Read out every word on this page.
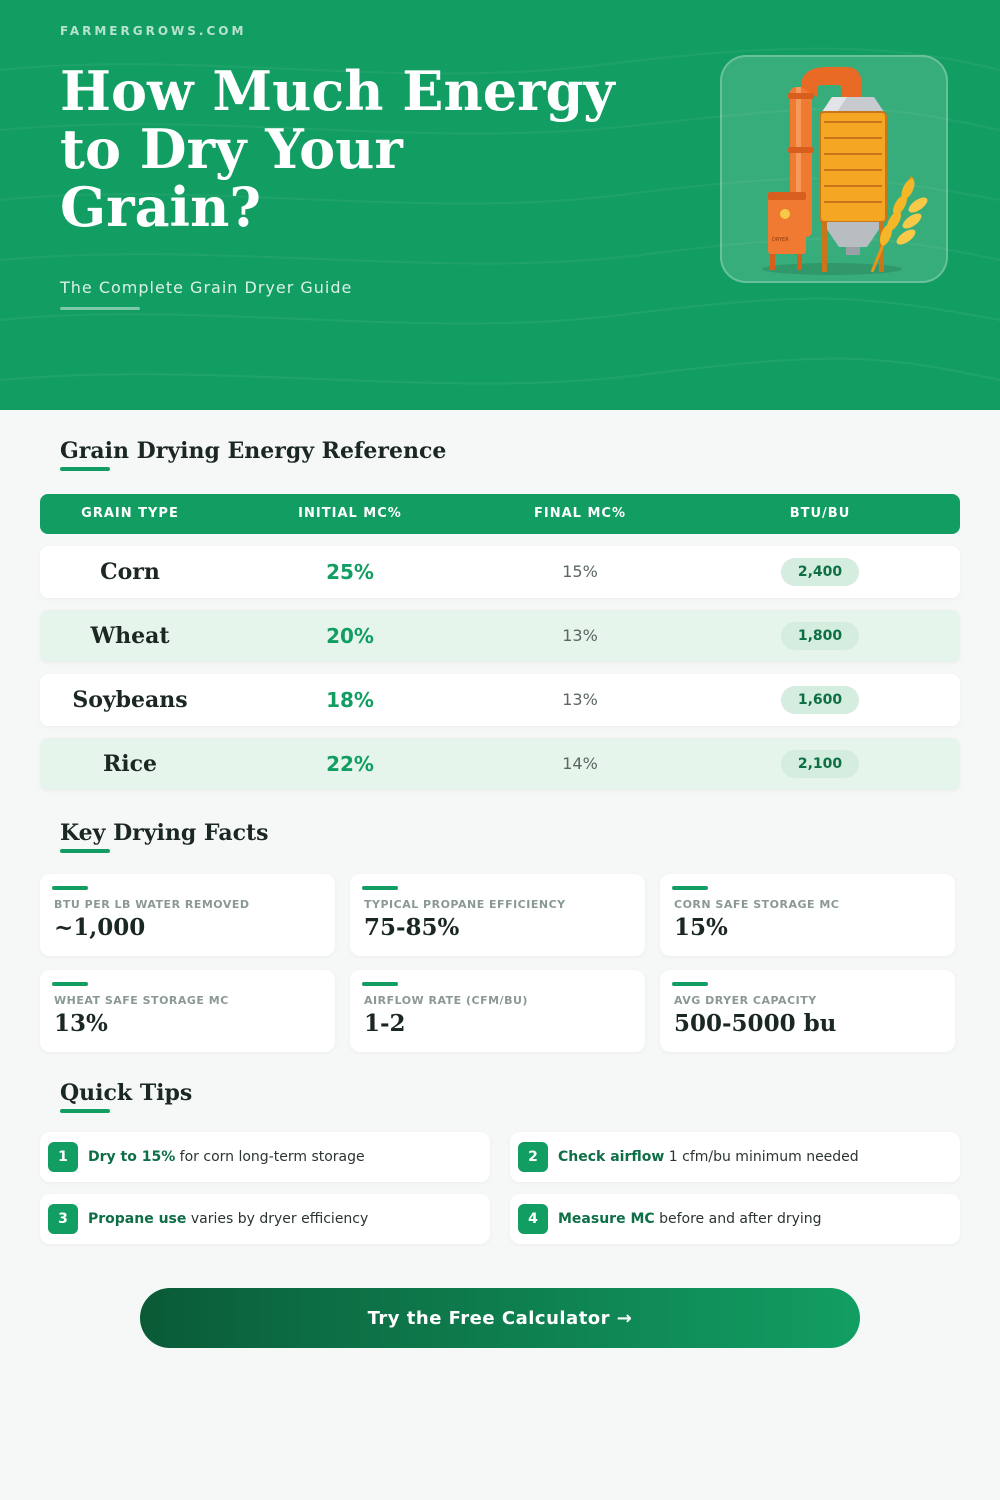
FARMERGROWS.COM
How Much Energy to Dry Your Grain?
The Complete Grain Dryer Guide
DRYER
Grain Drying Energy Reference
GRAIN TYPE	INITIAL MC%	FINAL MC%	BTU/BU
Corn	25%	15%	2,400
Wheat	20%	13%	1,800
Soybeans	18%	13%	1,600
Rice	22%	14%	2,100
Key Drying Facts
BTU PER LB WATER REMOVED
~1,000
TYPICAL PROPANE EFFICIENCY
75-85%
CORN SAFE STORAGE MC
15%
WHEAT SAFE STORAGE MC
13%
AIRFLOW RATE (CFM/BU)
1-2
AVG DRYER CAPACITY
500-5000 bu
Quick Tips
1	Dry to 15% for corn long-term storage	2	Check airflow 1 cfm/bu minimum needed
3	Propane use varies by dryer efficiency	4	Measure MC before and after drying
Try the Free Calculator →
